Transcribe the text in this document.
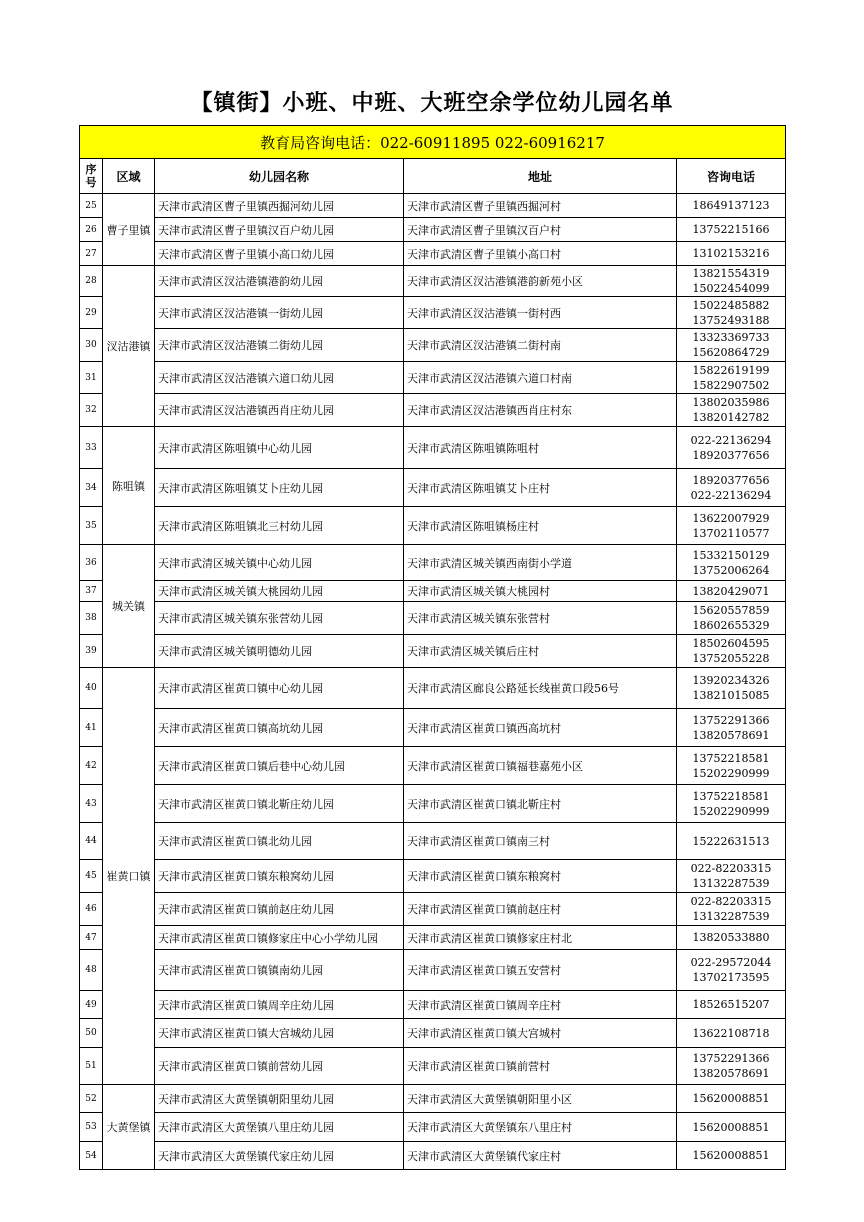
【镇街】小班、中班、大班空余学位幼儿园名单
教育局咨询电话：022-60911895 022-60916217				
序
号	区域	幼儿园名称	地址	咨询电话
25	曹子里镇	天津市武清区曹子里镇西掘河幼儿园	天津市武清区曹子里镇西掘河村	18649137123

26		天津市武清区曹子里镇汉百户幼儿园	天津市武清区曹子里镇汉百户村	13752215166

27		天津市武清区曹子里镇小高口幼儿园	天津市武清区曹子里镇小高口村	13102153216

28	汊沽港镇	天津市武清区汊沽港镇港韵幼儿园	天津市武清区汊沽港镇港韵新苑小区	13821554319
15022454099

29		天津市武清区汊沽港镇一街幼儿园	天津市武清区汊沽港镇一街村西	15022485882
13752493188

30		天津市武清区汊沽港镇二街幼儿园	天津市武清区汊沽港镇二街村南	13323369733
15620864729

31		天津市武清区汊沽港镇六道口幼儿园	天津市武清区汊沽港镇六道口村南	15822619199
15822907502

32		天津市武清区汊沽港镇西肖庄幼儿园	天津市武清区汊沽港镇西肖庄村东	13802035986
13820142782

33	陈咀镇	天津市武清区陈咀镇中心幼儿园	天津市武清区陈咀镇陈咀村	022-22136294
18920377656

34		天津市武清区陈咀镇艾卜庄幼儿园	天津市武清区陈咀镇艾卜庄村	18920377656
022-22136294

35		天津市武清区陈咀镇北三村幼儿园	天津市武清区陈咀镇杨庄村	13622007929
13702110577

36	城关镇	天津市武清区城关镇中心幼儿园	天津市武清区城关镇西南街小学道	15332150129
13752006264

37		天津市武清区城关镇大桃园幼儿园	天津市武清区城关镇大桃园村	13820429071

38		天津市武清区城关镇东张营幼儿园	天津市武清区城关镇东张营村	15620557859
18602655329

39		天津市武清区城关镇明德幼儿园	天津市武清区城关镇后庄村	18502604595
13752055228

40	崔黄口镇	天津市武清区崔黄口镇中心幼儿园	天津市武清区廊良公路延长线崔黄口段56号	13920234326
13821015085

41		天津市武清区崔黄口镇高坑幼儿园	天津市武清区崔黄口镇西高坑村	13752291366
13820578691

42		天津市武清区崔黄口镇后巷中心幼儿园	天津市武清区崔黄口镇福巷嘉苑小区	13752218581
15202290999

43		天津市武清区崔黄口镇北靳庄幼儿园	天津市武清区崔黄口镇北靳庄村	13752218581
15202290999

44		天津市武清区崔黄口镇北幼儿园	天津市武清区崔黄口镇南三村	15222631513

45		天津市武清区崔黄口镇东粮窝幼儿园	天津市武清区崔黄口镇东粮窝村	022-82203315
13132287539

46		天津市武清区崔黄口镇前赵庄幼儿园	天津市武清区崔黄口镇前赵庄村	022-82203315
13132287539

47		天津市武清区崔黄口镇修家庄中心小学幼儿园	天津市武清区崔黄口镇修家庄村北	13820533880

48		天津市武清区崔黄口镇镇南幼儿园	天津市武清区崔黄口镇五安营村	022-29572044
13702173595

49		天津市武清区崔黄口镇周辛庄幼儿园	天津市武清区崔黄口镇周辛庄村	18526515207

50		天津市武清区崔黄口镇大宫城幼儿园	天津市武清区崔黄口镇大宫城村	13622108718

51		天津市武清区崔黄口镇前营幼儿园	天津市武清区崔黄口镇前营村	13752291366
13820578691

52	大黄堡镇	天津市武清区大黄堡镇朝阳里幼儿园	天津市武清区大黄堡镇朝阳里小区	15620008851

53		天津市武清区大黄堡镇八里庄幼儿园	天津市武清区大黄堡镇东八里庄村	15620008851

54		天津市武清区大黄堡镇代家庄幼儿园	天津市武清区大黄堡镇代家庄村	15620008851
